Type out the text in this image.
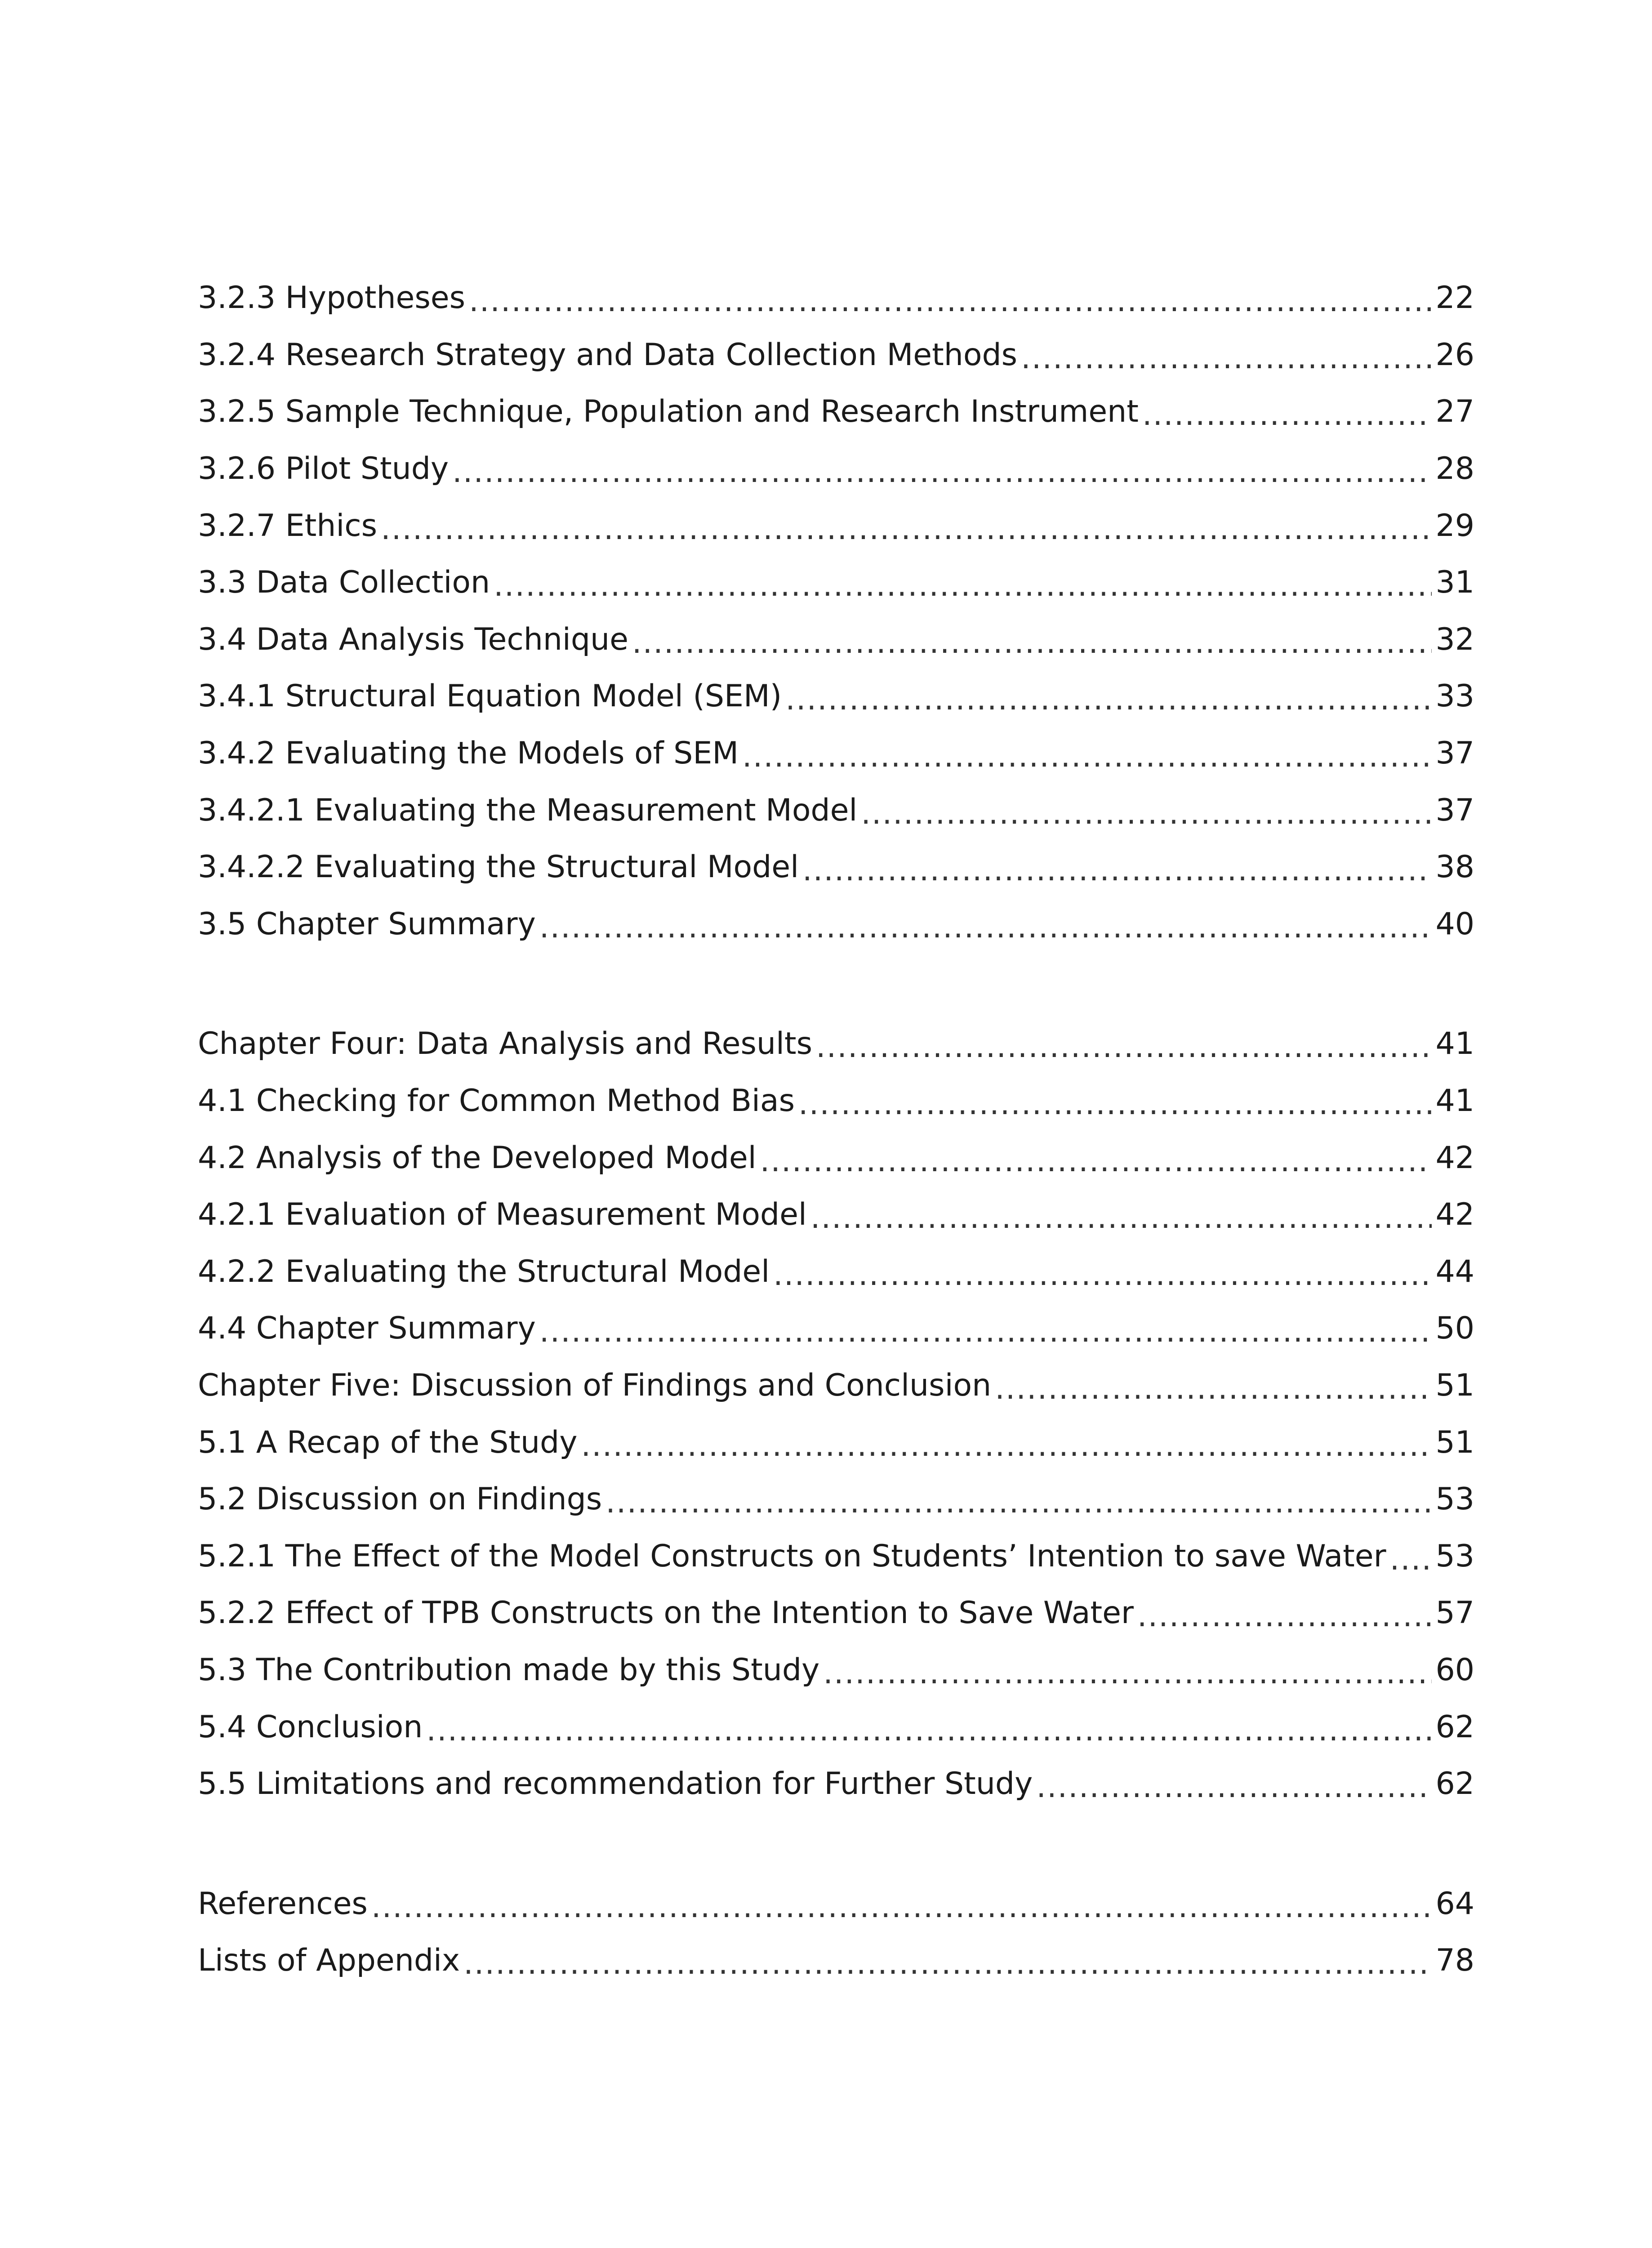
3.2.3 Hypotheses .....	22
3.2.4 Research Strategy and Data Collection Methods .....	26
3.2.5 Sample Technique, Population and Research Instrument .....	27
3.2.6 Pilot Study .....	28
3.2.7 Ethics .....	29
3.3 Data Collection .....	31
3.4 Data Analysis Technique .....	32
3.4.1 Structural Equation Model (SEM) .....	33
3.4.2 Evaluating the Models of SEM .....	37
3.4.2.1 Evaluating the Measurement Model .....	37
3.4.2.2 Evaluating the Structural Model .....	38
3.5 Chapter Summary .....	40
Chapter Four: Data Analysis and Results .....	41
4.1 Checking for Common Method Bias .....	41
4.2 Analysis of the Developed Model .....	42
4.2.1 Evaluation of Measurement Model .....	42
4.2.2 Evaluating the Structural Model .....	44
4.4 Chapter Summary .....	50
Chapter Five: Discussion of Findings and Conclusion .....	51
5.1 A Recap of the Study .....	51
5.2 Discussion on Findings .....	53
5.2.1 The Effect of the Model Constructs on Students’ Intention to save Water ..... 53
5.2.2 Effect of TPB Constructs on the Intention to Save Water .....	57
5.3 The Contribution made by this Study .....	60
5.4 Conclusion .....	62
5.5 Limitations and recommendation for Further Study .....	62
References .....	64
Lists of Appendix .....	78
